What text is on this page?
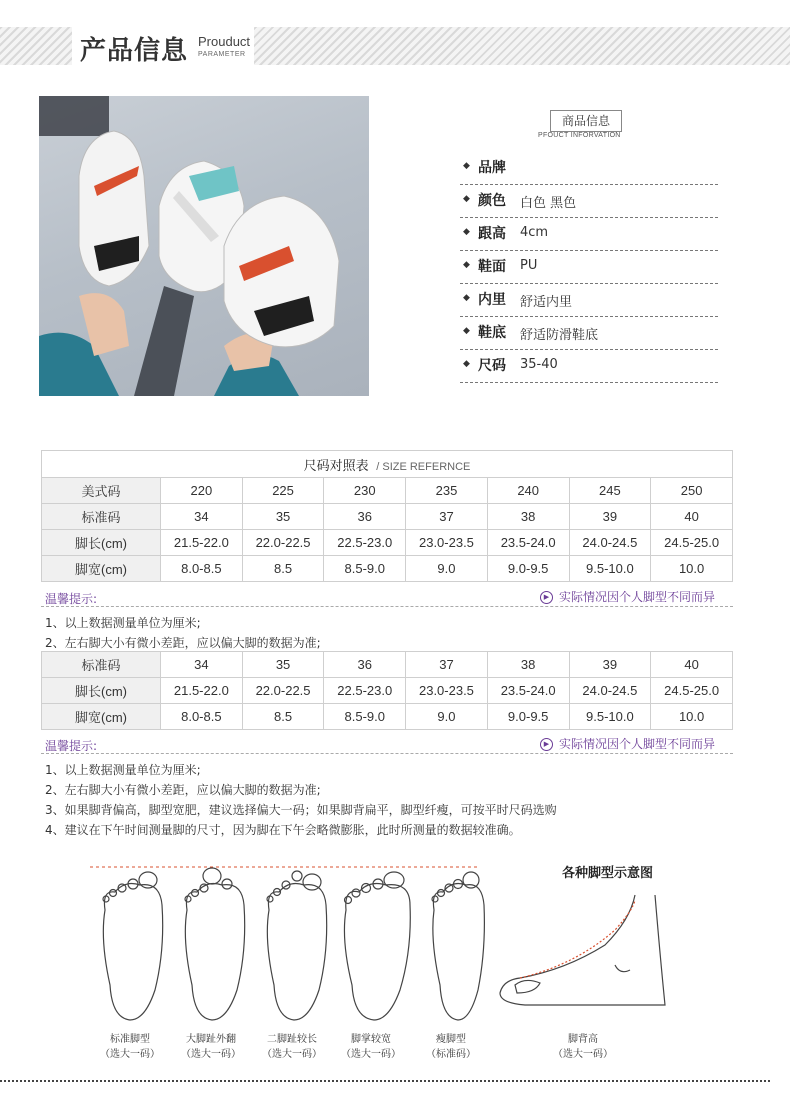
产品信息 Prouduct
PARAMETER
商品信息
PFOUCT INFORVATION
◆ 品牌
◆ 颜色 白色 黑色
◆ 跟高 4cm
◆ 鞋面 PU
◆ 内里 舒适内里
◆ 鞋底 舒适防滑鞋底
◆ 尺码 35-40
尺码对照表 / SIZE REFERNCE							
美式码	220	225	230	235	240	245	250
标准码	34	35	36	37	38	39	40
脚长(cm)	21.5-22.0	22.0-22.5	22.5-23.0	23.0-23.5	23.5-24.0	24.0-24.5	24.5-25.0
脚宽(cm)	8.0-8.5	8.5	8.5-9.0	9.0	9.0-9.5	9.5-10.0	10.0
温馨提示:	▶ 实际情况因个人脚型不同而异
1、以上数据测量单位为厘米;
2、左右脚大小有微小差距，应以偏大脚的数据为准;
标准码	34	35	36	37	38	39	40
脚长(cm)	21.5-22.0	22.0-22.5	22.5-23.0	23.0-23.5	23.5-24.0	24.0-24.5	24.5-25.0
脚宽(cm)	8.0-8.5	8.5	8.5-9.0	9.0	9.0-9.5	9.5-10.0	10.0
温馨提示:	▶ 实际情况因个人脚型不同而异
1、以上数据测量单位为厘米;
2、左右脚大小有微小差距，应以偏大脚的数据为准;
3、如果脚背偏高，脚型宽肥，建议选择偏大一码；如果脚背扁平，脚型纤瘦，可按平时尺码选购
4、建议在下午时间测量脚的尺寸，因为脚在下午会略微膨胀，此时所测量的数据较准确。
各种脚型示意图
标准脚型
（选大一码）
大脚趾外翻
（选大一码）
二脚趾较长
（选大一码）
脚掌较宽
（选大一码）
瘦脚型
（标准码）
脚背高
（选大一码）
